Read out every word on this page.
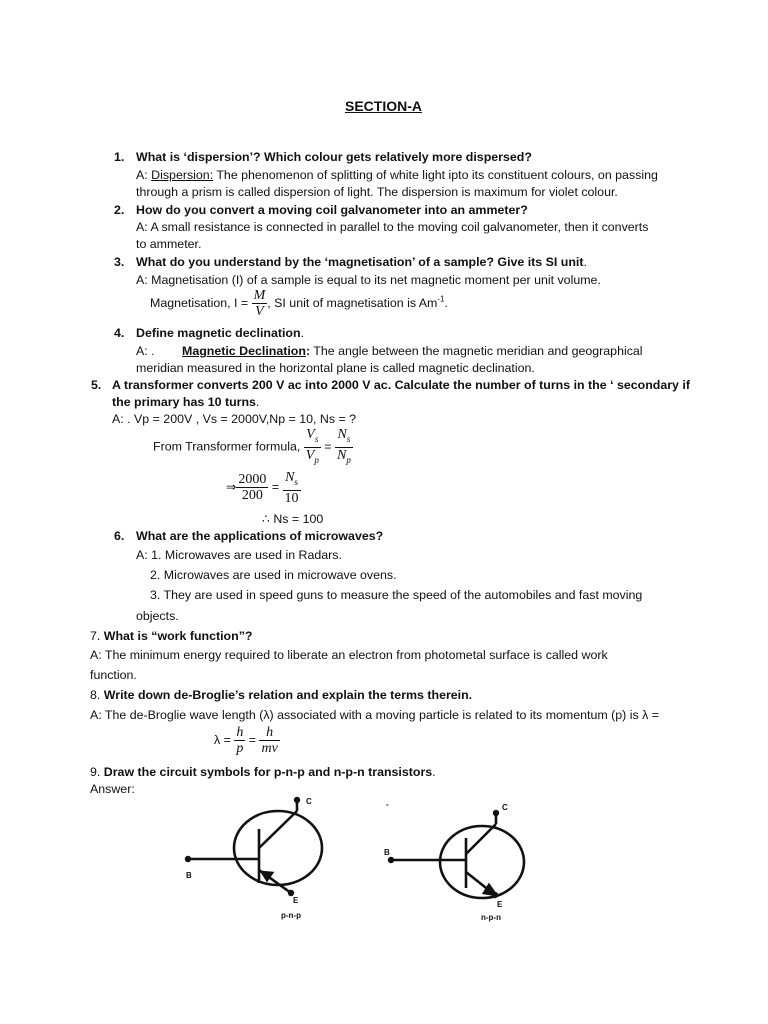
SECTION-A
1. What is ‘dispersion’? Which colour gets relatively more dispersed?
A: Dispersion: The phenomenon of splitting of white light ipto its constituent colours, on passing
through a prism is called dispersion of light. The dispersion is maximum for violet colour.
2. How do you convert a moving coil galvanometer into an ammeter?
A: A small resistance is connected in parallel to the moving coil galvanometer, then it converts
to ammeter.
3. What do you understand by the ‘magnetisation’ of a sample? Give its SI unit.
A: Magnetisation (I) of a sample is equal to its net magnetic moment per unit volume.
Magnetisation, $I = \frac{M}{V}$ , SI unit of magnetisation is $Am^{-1}$.
4. Define magnetic declination.
A: . Magnetic Declination: The angle between the magnetic meridian and geographical
meridian measured in the horizontal plane is called magnetic declination.
5. A transformer converts 200 V ac into 2000 V ac. Calculate the number of turns in the ‘ secondary if
the primary has 10 turns.
A: . Vp = 200V , Vs = 2000V,Np = 10, Ns = ?
From Transformer formula, $\frac{V_s}{V_p} = \frac{N_s}{N_p}$
⇒ $\frac{2000}{200} = \frac{N_s}{10}$
∴ Ns = 100
6. What are the applications of microwaves?
A: 1. Microwaves are used in Radars.
2. Microwaves are used in microwave ovens.
3. They are used in speed guns to measure the speed of the automobiles and fast moving
objects.
7. What is “work function”?
A: The minimum energy required to liberate an electron from photometal surface is called work
function.
8. Write down de-Broglie’s relation and explain the terms therein.
A: The de-Broglie wave length (λ) associated with a moving particle is related to its momentum (p) is λ =
$\lambda = \frac{h}{p} = \frac{h}{mv}$
9. Draw the circuit symbols for p-n-p and n-p-n transistors.
Answer:
B
C
E
p-n-p
B
C
E
n-p-n
-
